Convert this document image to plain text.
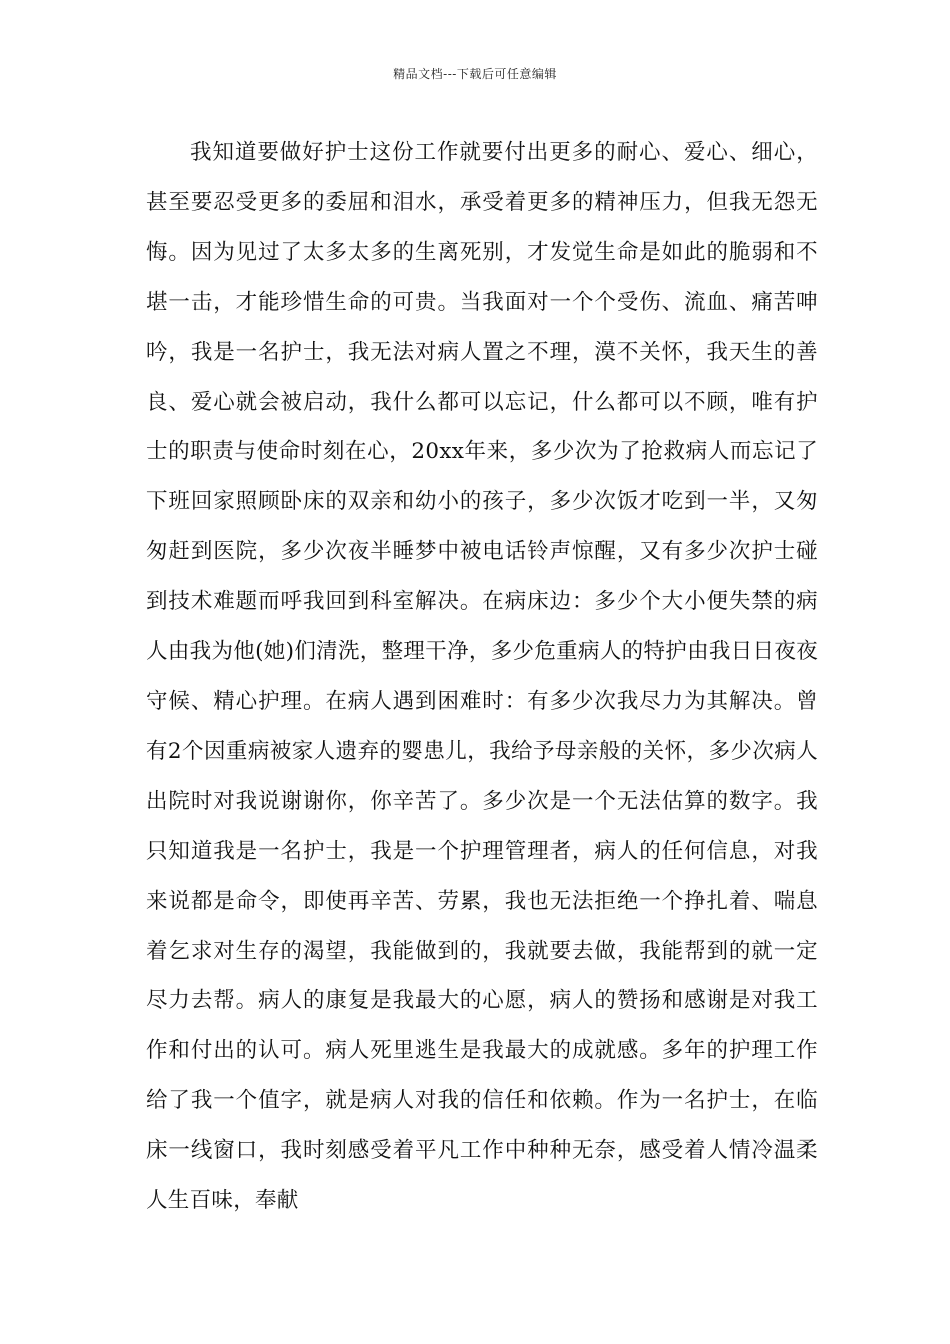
精品文档---下载后可任意编辑

我知道要做好护士这份工作就要付出更多的耐心、爱心、细心，甚至要忍受更多的委屈和泪水，承受着更多的精神压力，但我无怨无悔。因为见过了太多太多的生离死别，才发觉生命是如此的脆弱和不堪一击，才能珍惜生命的可贵。当我面对一个个受伤、流血、痛苦呻吟，我是一名护士，我无法对病人置之不理，漠不关怀，我天生的善良、爱心就会被启动，我什么都可以忘记，什么都可以不顾，唯有护士的职责与使命时刻在心，20xx年来，多少次为了抢救病人而忘记了下班回家照顾卧床的双亲和幼小的孩子，多少次饭才吃到一半，又匆匆赶到医院，多少次夜半睡梦中被电话铃声惊醒，又有多少次护士碰到技术难题而呼我回到科室解决。在病床边：多少个大小便失禁的病人由我为他(她)们清洗，整理干净，多少危重病人的特护由我日日夜夜守候、精心护理。在病人遇到困难时：有多少次我尽力为其解决。曾有2个因重病被家人遗弃的婴患儿，我给予母亲般的关怀，多少次病人出院时对我说谢谢你，你辛苦了。多少次是一个无法估算的数字。我只知道我是一名护士，我是一个护理管理者，病人的任何信息，对我来说都是命令，即使再辛苦、劳累，我也无法拒绝一个挣扎着、喘息着乞求对生存的渴望，我能做到的，我就要去做，我能帮到的就一定尽力去帮。病人的康复是我最大的心愿，病人的赞扬和感谢是对我工作和付出的认可。病人死里逃生是我最大的成就感。多年的护理工作给了我一个值字，就是病人对我的信任和依赖。作为一名护士，在临床一线窗口，我时刻感受着平凡工作中种种无奈，感受着人情冷温柔人生百味，奉献
